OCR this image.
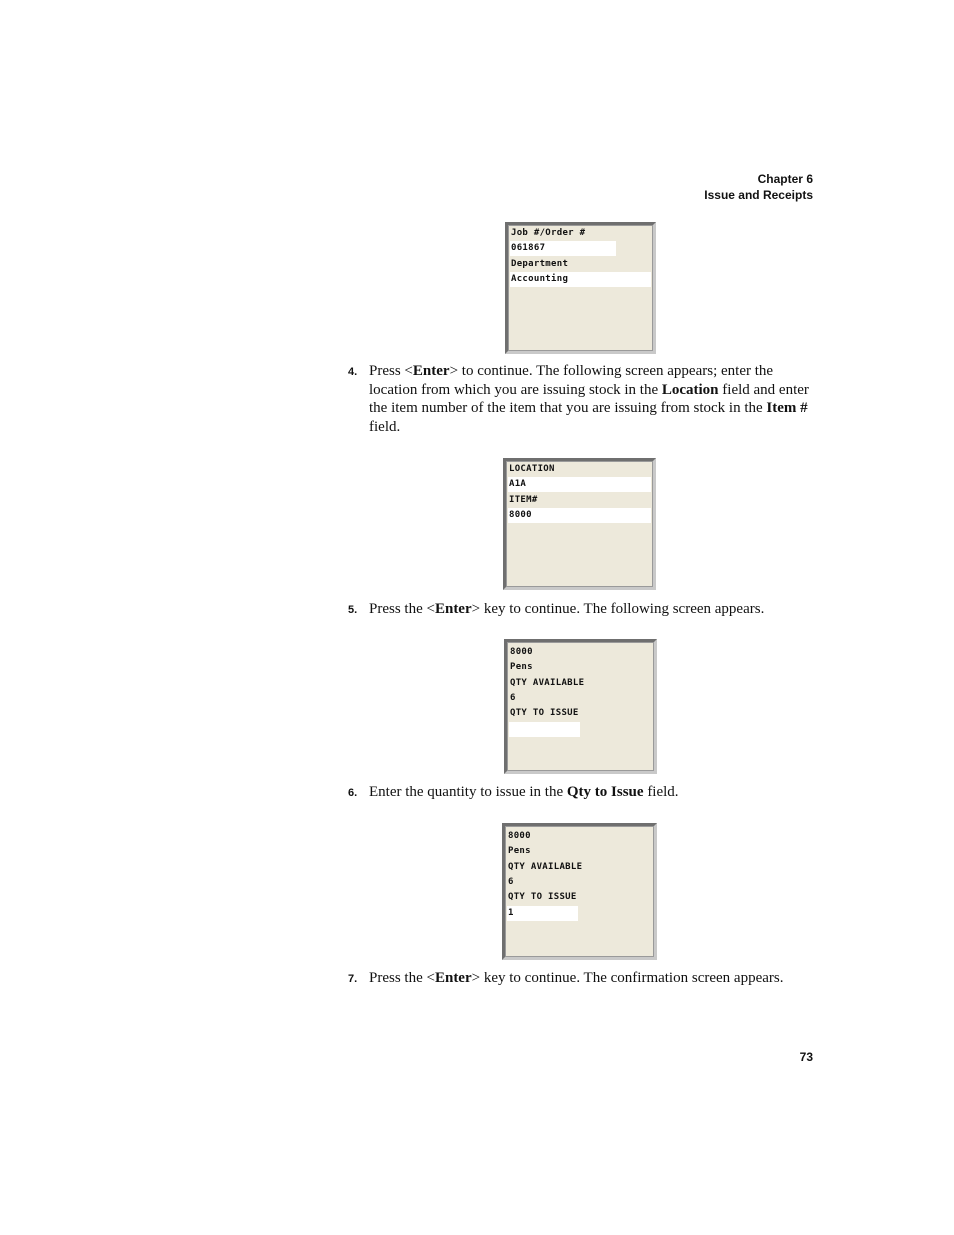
Chapter 6
Issue and Receipts
Job #/Order #
061867
Department
Accounting
4. Press <Enter> to continue. The following screen appears; enter the location from which you are issuing stock in the Location field and enter the item number of the item that you are issuing from stock in the Item # field.
LOCATION
A1A
ITEM#
8000
5. Press the <Enter> key to continue. The following screen appears.
8000
Pens
QTY AVAILABLE
6
QTY TO ISSUE
6. Enter the quantity to issue in the Qty to Issue field.
8000
Pens
QTY AVAILABLE
6
QTY TO ISSUE
1
7. Press the <Enter> key to continue. The confirmation screen appears.
73
